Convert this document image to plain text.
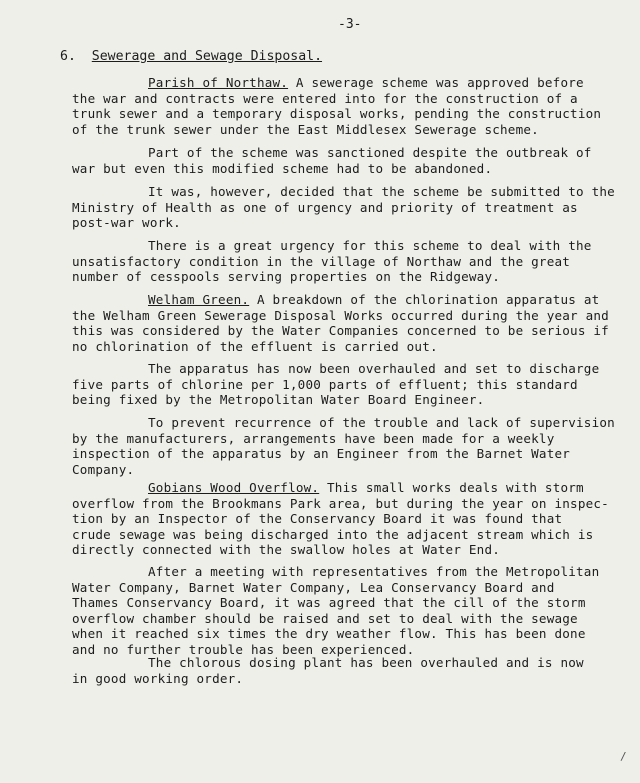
-3-
6. Sewerage and Sewage Disposal.
Parish of Northaw. A sewerage scheme was approved before
the war and contracts were entered into for the construction of a
trunk sewer and a temporary disposal works, pending the construction
of the trunk sewer under the East Middlesex Sewerage scheme.
Part of the scheme was sanctioned despite the outbreak of
war but even this modified scheme had to be abandoned.
It was, however, decided that the scheme be submitted to the
Ministry of Health as one of urgency and priority of treatment as
post-war work.
There is a great urgency for this scheme to deal with the
unsatisfactory condition in the village of Northaw and the great
number of cesspools serving properties on the Ridgeway.
Welham Green. A breakdown of the chlorination apparatus at
the Welham Green Sewerage Disposal Works occurred during the year and
this was considered by the Water Companies concerned to be serious if
no chlorination of the effluent is carried out.
The apparatus has now been overhauled and set to discharge
five parts of chlorine per 1,000 parts of effluent; this standard
being fixed by the Metropolitan Water Board Engineer.
To prevent recurrence of the trouble and lack of supervision
by the manufacturers, arrangements have been made for a weekly
inspection of the apparatus by an Engineer from the Barnet Water
Company.
Gobians Wood Overflow. This small works deals with storm
overflow from the Brookmans Park area, but during the year on inspec-
tion by an Inspector of the Conservancy Board it was found that
crude sewage was being discharged into the adjacent stream which is
directly connected with the swallow holes at Water End.
After a meeting with representatives from the Metropolitan
Water Company, Barnet Water Company, Lea Conservancy Board and
Thames Conservancy Board, it was agreed that the cill of the storm
overflow chamber should be raised and set to deal with the sewage
when it reached six times the dry weather flow. This has been done
and no further trouble has been experienced.
The chlorous dosing plant has been overhauled and is now
in good working order.
/
